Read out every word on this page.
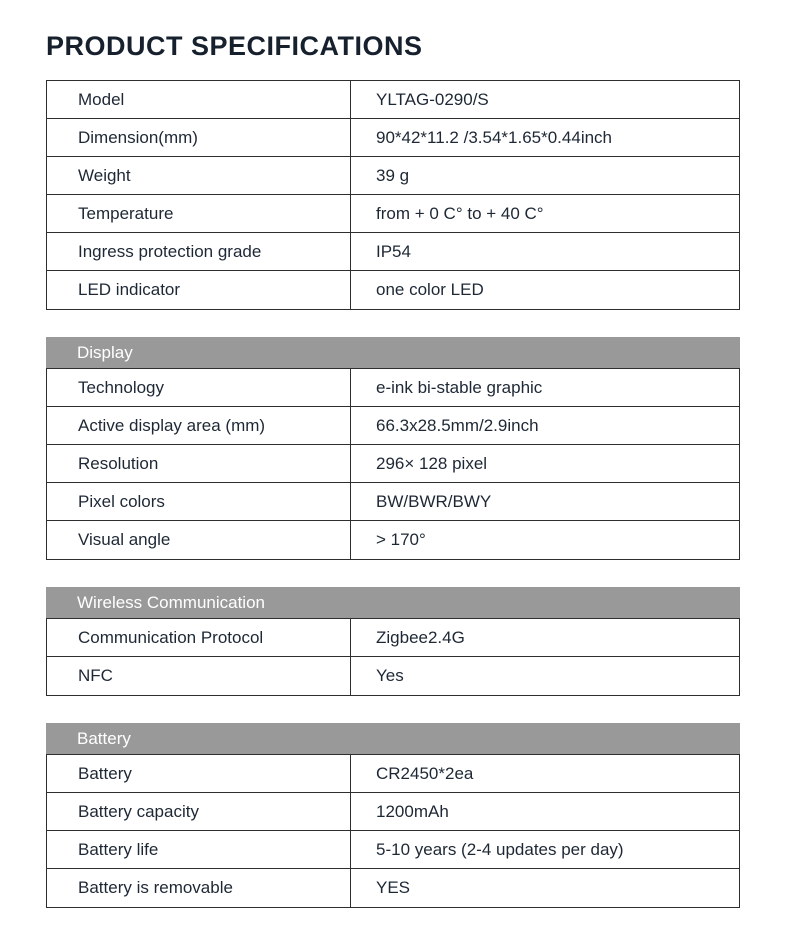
PRODUCT SPECIFICATIONS
Model	YLTAG-0290/S
Dimension(mm)	90*42*11.2 /3.54*1.65*0.44inch
Weight	39 g
Temperature	from + 0 C° to + 40 C°
Ingress protection grade	IP54
LED indicator	one color LED
Display
Technology	e-ink bi-stable graphic
Active display area (mm)	66.3x28.5mm/2.9inch
Resolution	296× 128 pixel
Pixel colors	BW/BWR/BWY
Visual angle	> 170°
Wireless Communication
Communication Protocol	Zigbee2.4G
NFC	Yes
Battery
Battery	CR2450*2ea
Battery capacity	1200mAh
Battery life	5-10 years (2-4 updates per day)
Battery is removable	YES
